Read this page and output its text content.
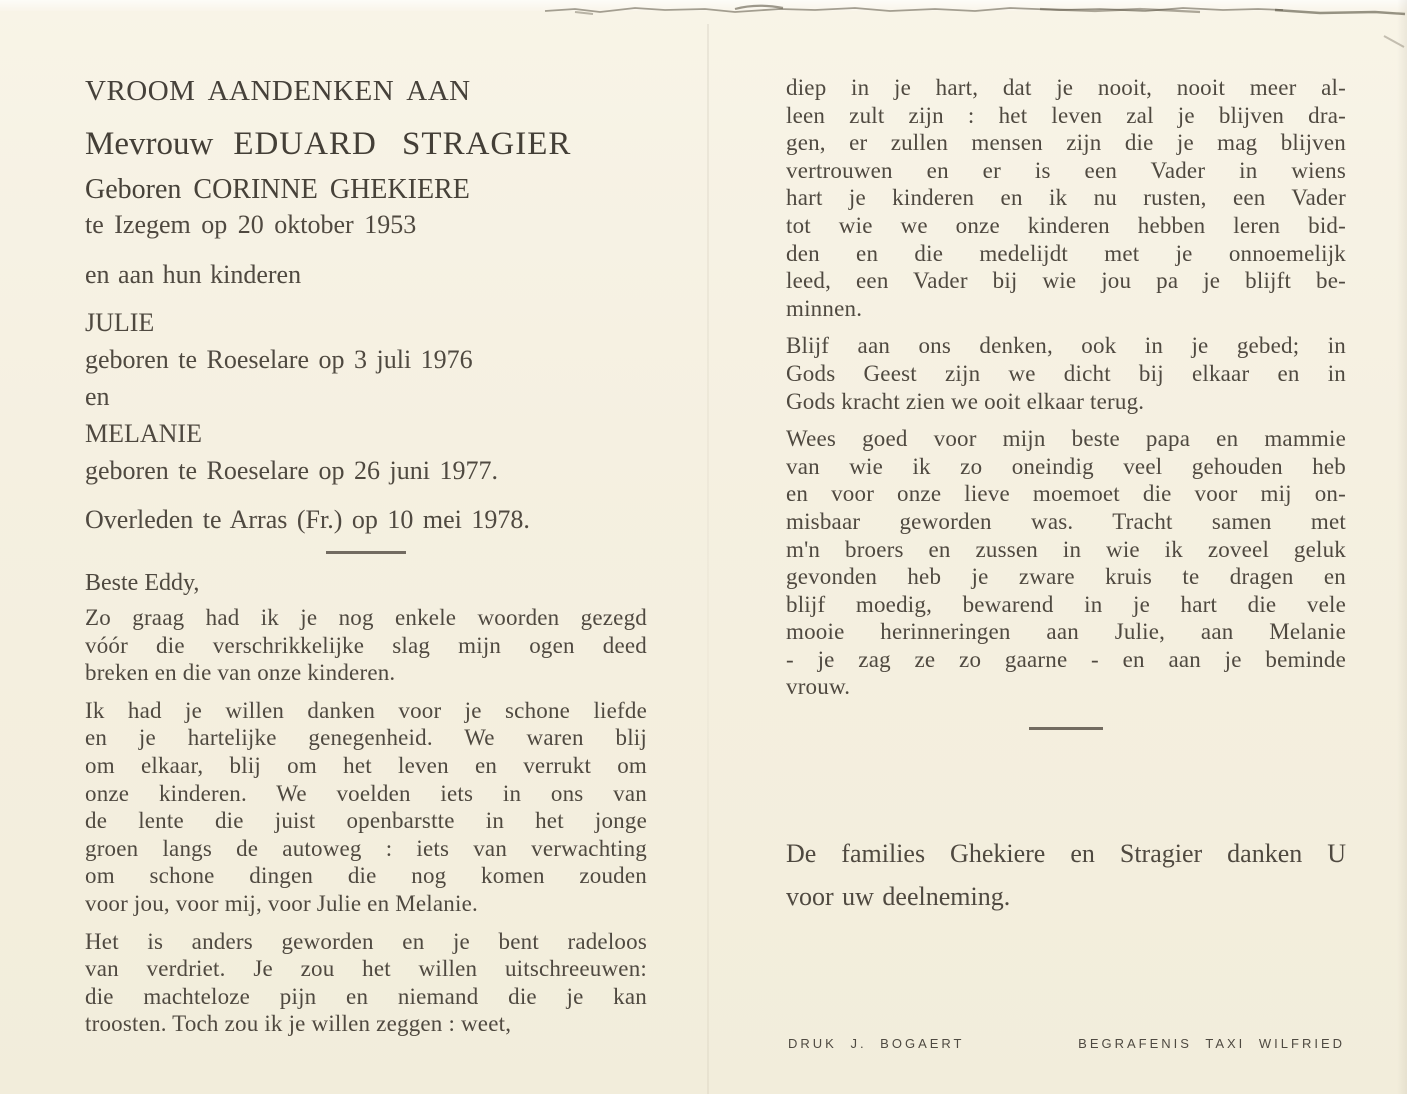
VROOM AANDENKEN AAN
Mevrouw EDUARD STRAGIER
Geboren CORINNE GHEKIERE
te Izegem op 20 oktober 1953
en aan hun kinderen
JULIE
geboren te Roeselare op 3 juli 1976
en
MELANIE
geboren te Roeselare op 26 juni 1977.
Overleden te Arras (Fr.) op 10 mei 1978.
Beste Eddy,
Zo graag had ik je nog enkele woorden gezegd
vóór die verschrikkelijke slag mijn ogen deed
breken en die van onze kinderen.
Ik had je willen danken voor je schone liefde
en je hartelijke genegenheid. We waren blij
om elkaar, blij om het leven en verrukt om
onze kinderen. We voelden iets in ons van
de lente die juist openbarstte in het jonge
groen langs de autoweg : iets van verwachting
om schone dingen die nog komen zouden
voor jou, voor mij, voor Julie en Melanie.
Het is anders geworden en je bent radeloos
van verdriet. Je zou het willen uitschreeuwen:
die machteloze pijn en niemand die je kan
troosten. Toch zou ik je willen zeggen : weet,
diep in je hart, dat je nooit, nooit meer al-
leen zult zijn : het leven zal je blijven dra-
gen, er zullen mensen zijn die je mag blijven
vertrouwen en er is een Vader in wiens
hart je kinderen en ik nu rusten, een Vader
tot wie we onze kinderen hebben leren bid-
den en die medelijdt met je onnoemelijk
leed, een Vader bij wie jou pa je blijft be-
minnen.
Blijf aan ons denken, ook in je gebed; in
Gods Geest zijn we dicht bij elkaar en in
Gods kracht zien we ooit elkaar terug.
Wees goed voor mijn beste papa en mammie
van wie ik zo oneindig veel gehouden heb
en voor onze lieve moemoet die voor mij on-
misbaar geworden was. Tracht samen met
m'n broers en zussen in wie ik zoveel geluk
gevonden heb je zware kruis te dragen en
blijf moedig, bewarend in je hart die vele
mooie herinneringen aan Julie, aan Melanie
- je zag ze zo gaarne - en aan je beminde
vrouw.
De families Ghekiere en Stragier danken U
voor uw deelneming.
DRUK J. BOGAERT	BEGRAFENIS TAXI WILFRIED
